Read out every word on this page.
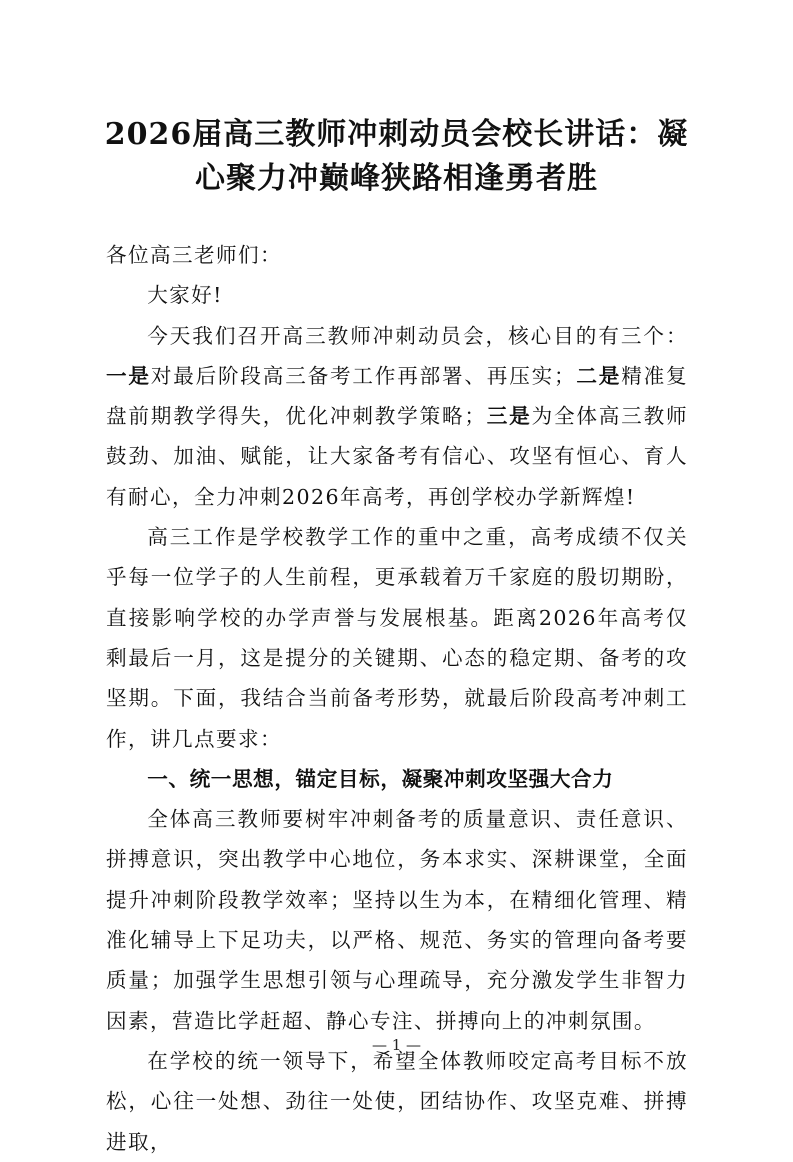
2026届高三教师冲刺动员会校长讲话：凝心聚力冲巅峰狭路相逢勇者胜

各位高三老师们：

大家好!

今天我们召开高三教师冲刺动员会，核心目的有三个：一是对最后阶段高三备考工作再部署、再压实；二是精准复盘前期教学得失，优化冲刺教学策略；三是为全体高三教师鼓劲、加油、赋能，让大家备考有信心、攻坚有恒心、育人有耐心，全力冲刺2026年高考，再创学校办学新辉煌!

高三工作是学校教学工作的重中之重，高考成绩不仅关乎每一位学子的人生前程，更承载着万千家庭的殷切期盼，直接影响学校的办学声誉与发展根基。距离2026年高考仅剩最后一月，这是提分的关键期、心态的稳定期、备考的攻坚期。下面，我结合当前备考形势，就最后阶段高考冲刺工作，讲几点要求：

一、统一思想，锚定目标，凝聚冲刺攻坚强大合力

全体高三教师要树牢冲刺备考的质量意识、责任意识、拼搏意识，突出教学中心地位，务本求实、深耕课堂，全面提升冲刺阶段教学效率；坚持以生为本，在精细化管理、精准化辅导上下足功夫，以严格、规范、务实的管理向备考要质量；加强学生思想引领与心理疏导，充分激发学生非智力因素，营造比学赶超、静心专注、拼搏向上的冲刺氛围。

在学校的统一领导下，希望全体教师咬定高考目标不放松，心往一处想、劲往一处使，团结协作、攻坚克难、拼搏进取，

— 1 —
